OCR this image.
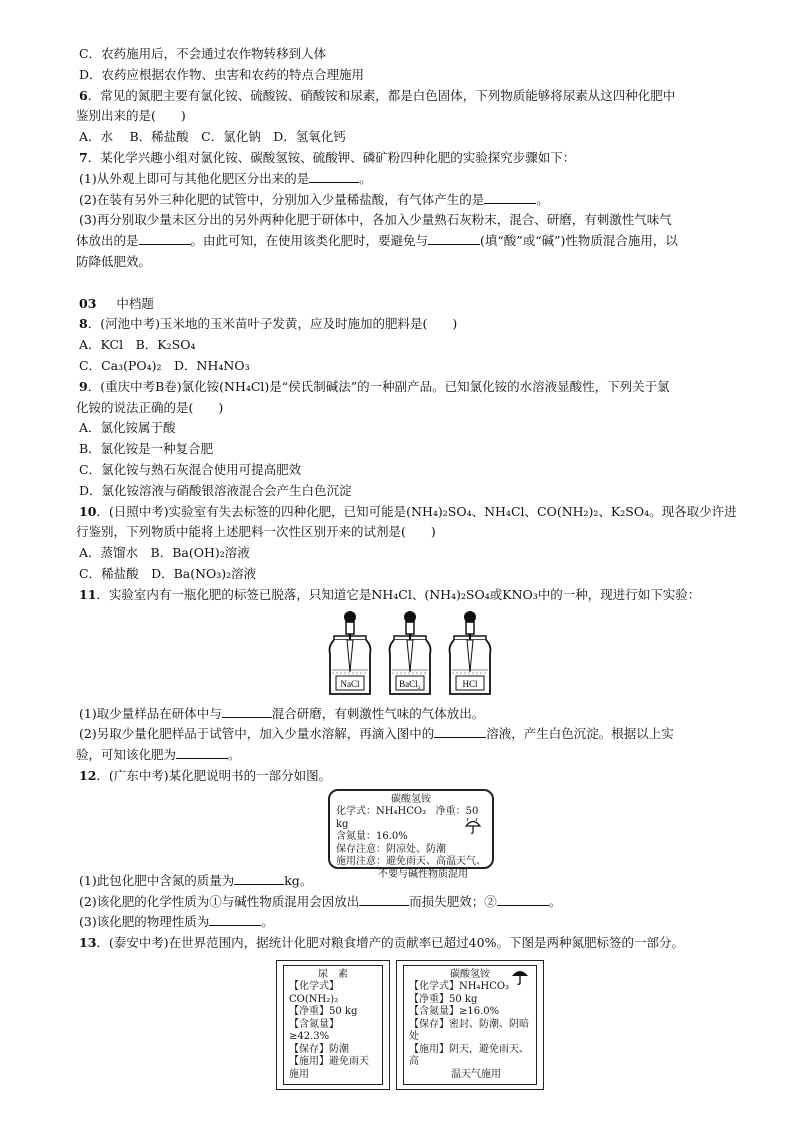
C．农药施用后，不会通过农作物转移到人体
D．农药应根据农作物、虫害和农药的特点合理施用
6．常见的氮肥主要有氯化铵、硫酸铵、硝酸铵和尿素，都是白色固体，下列物质能够将尿素从这四种化肥中
鉴别出来的是(　　)
A．水　 B．稀盐酸　C．氯化钠　D．氢氧化钙
7．某化学兴趣小组对氯化铵、碳酸氢铵、硫酸钾、磷矿粉四种化肥的实验探究步骤如下：
(1)从外观上即可与其他化肥区分出来的是	。
(2)在装有另外三种化肥的试管中，分别加入少量稀盐酸，有气体产生的是	。
(3)再分别取少量未区分出的另外两种化肥于研体中，各加入少量熟石灰粉末，混合、研磨，有刺激性气味气
体放出的是	。由此可知，在使用该类化肥时，要避免与	(填“酸”或“碱”)性物质混合施用，以
防降低肥效。
03 中档题
8．(河池中考)玉米地的玉米苗叶子发黄，应及时施加的肥料是(　　)
A．KCl　B．K₂SO₄
C．Ca₃(PO₄)₂　D．NH₄NO₃
9．(重庆中考B卷)氯化铵(NH₄Cl)是“侯氏制碱法”的一种副产品。已知氯化铵的水溶液显酸性，下列关于氯
化铵的说法正确的是(　　)
A．氯化铵属于酸
B．氯化铵是一种复合肥
C．氯化铵与熟石灰混合使用可提高肥效
D．氯化铵溶液与硝酸银溶液混合会产生白色沉淀
10．(日照中考)实验室有失去标签的四种化肥，已知可能是(NH₄)₂SO₄、NH₄Cl、CO(NH₂)₂、K₂SO₄。现各取少许进
行鉴别，下列物质中能将上述肥料一次性区别开来的试剂是(　　)
A．蒸馏水　B．Ba(OH)₂溶液
C．稀盐酸　D．Ba(NO₃)₂溶液
11．实验室内有一瓶化肥的标签已脱落，只知道它是NH₄Cl、(NH₄)₂SO₄或KNO₃中的一种，现进行如下实验：
NaCl	BaCl₂	HCl
(1)取少量样品在研体中与	混合研磨，有刺激性气味的气体放出。
(2)另取少量化肥样品于试管中，加入少量水溶解，再滴入图中的	溶液，产生白色沉淀。根据以上实
验，可知该化肥为	。
12．(广东中考)某化肥说明书的一部分如图。
碳酸氢铵
化学式：NH₄HCO₃ 净重：50 kg
含氮量：16.0%
保存注意：阴凉处、防潮
施用注意：避免雨天、高温天气、
不要与碱性物质混用
(1)此包化肥中含氮的质量为	kg。
(2)该化肥的化学性质为①与碱性物质混用会因放出	而损失肥效；②	。
(3)该化肥的物理性质为	。
13．(泰安中考)在世界范围内，据统计化肥对粮食增产的贡献率已超过40%。下图是两种氮肥标签的一部分。
尿　素
【化学式】CO(NH₂)₂
【净重】50 kg
【含氮量】≥42.3%
【保存】防潮
【施用】避免雨天施用
碳酸氢铵
【化学式】NH₄HCO₃
【净重】50 kg
【含氮量】≥16.0%
【保存】密封、防潮、阴暗处
【施用】阴天，避免雨天、高
温天气施用
